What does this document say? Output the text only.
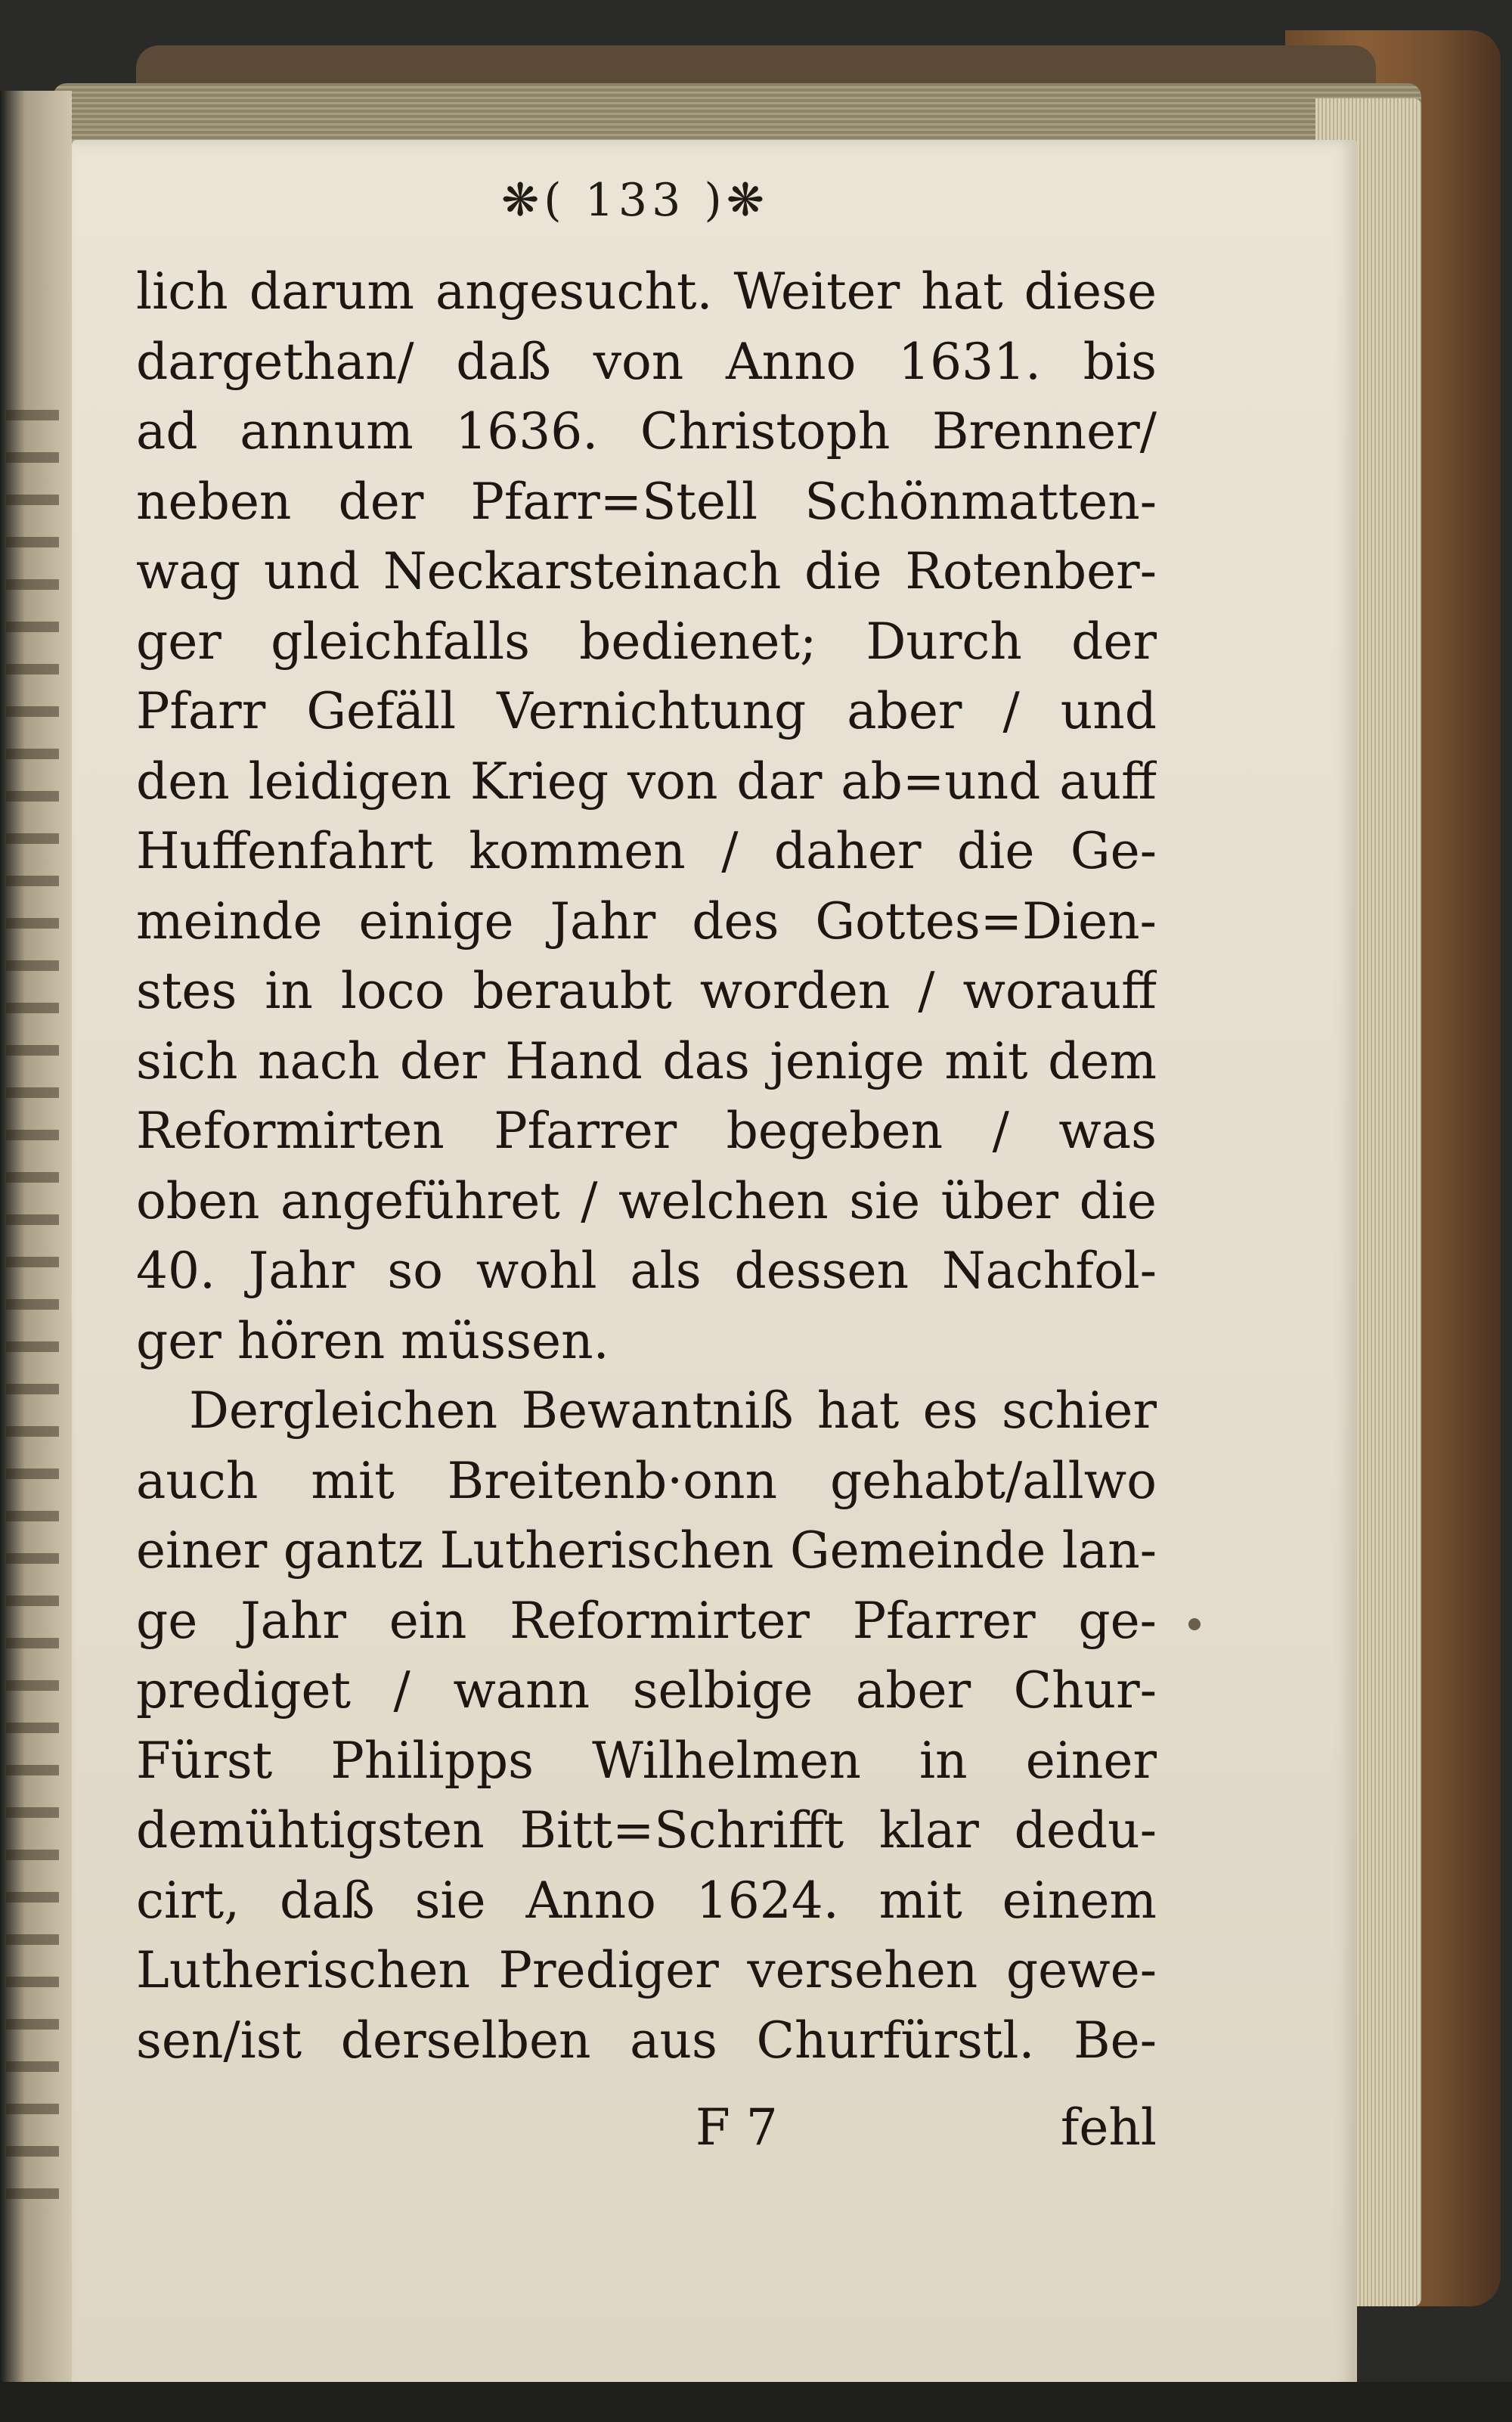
❋( 133 )❋
lich darum angesucht. Weiter hat diese
dargethan/ daß von Anno 1631. bis
ad annum 1636. Christoph Brenner/
neben der Pfarr=Stell Schönmatten-
wag und Neckarsteinach die Rotenber-
ger gleichfalls bedienet; Durch der
Pfarr Gefäll Vernichtung aber / und
den leidigen Krieg von dar ab=und auff
Huffenfahrt kommen / daher die Ge-
meinde einige Jahr des Gottes=Dien-
stes in loco beraubt worden / worauff
sich nach der Hand das jenige mit dem
Reformirten Pfarrer begeben / was
oben angeführet / welchen sie über die
40. Jahr so wohl als dessen Nachfol-
ger hören müssen.
Dergleichen Bewantniß hat es schier
auch mit Breitenb·onn gehabt/allwo
einer gantz Lutherischen Gemeinde lan-
ge Jahr ein Reformirter Pfarrer ge-
prediget / wann selbige aber Chur-
Fürst Philipps Wilhelmen in einer
demühtigsten Bitt=Schrifft klar dedu-
cirt, daß sie Anno 1624. mit einem
Lutherischen Prediger versehen gewe-
sen/ist derselben aus Churfürstl. Be-
F 7	fehl
